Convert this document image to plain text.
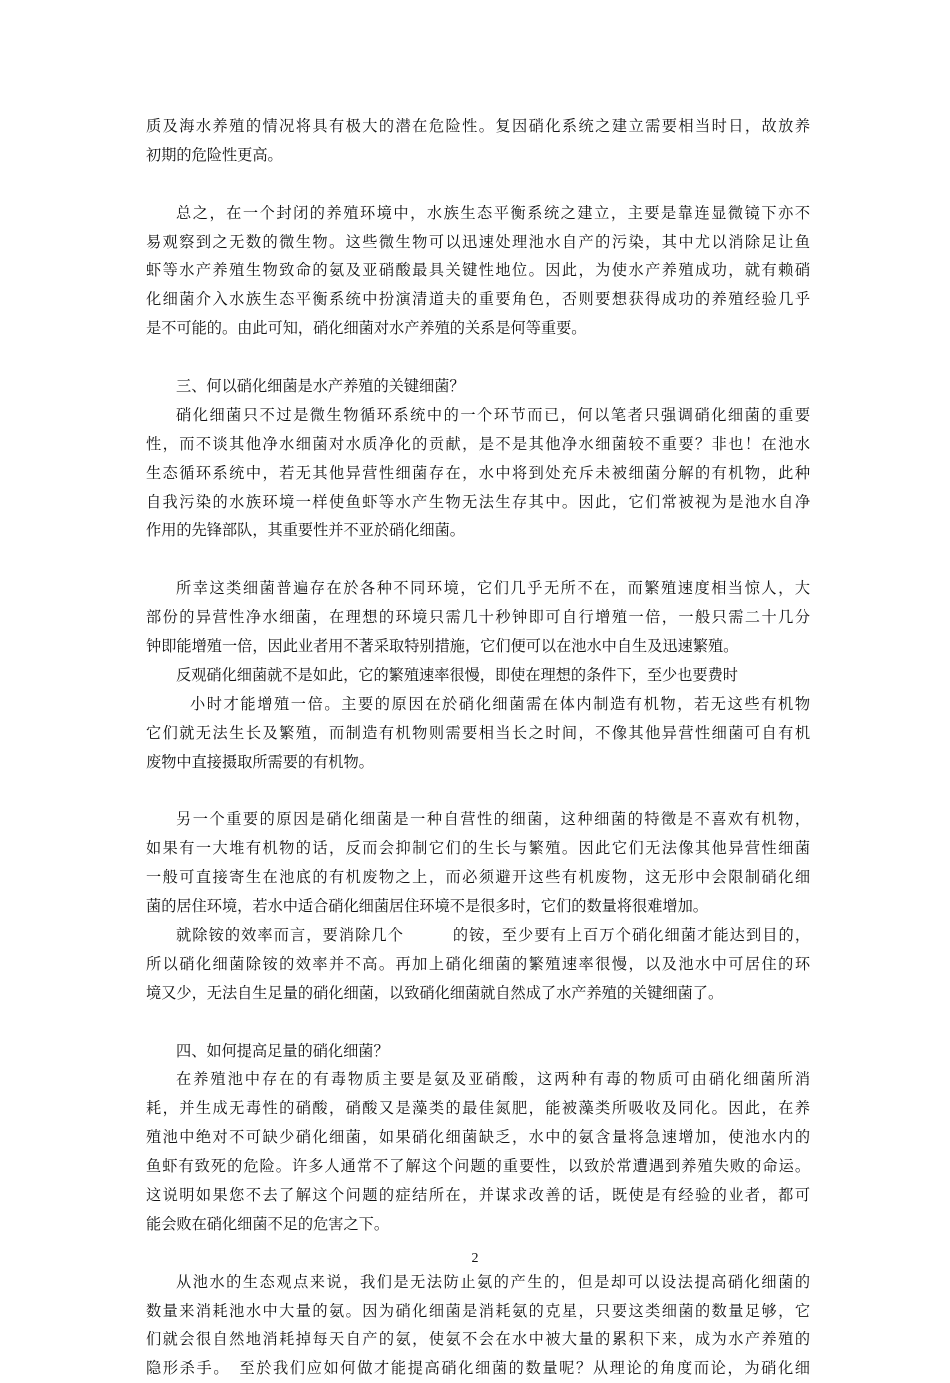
质及海水养殖的情况将具有极大的潜在危险性。复因硝化系统之建立需要相当时日，故放养
初期的危险性更高。
总之，在一个封闭的养殖环境中，水族生态平衡系统之建立，主要是靠连显微镜下亦不
易观察到之无数的微生物。这些微生物可以迅速处理池水自产的污染，其中尤以消除足让鱼
虾等水产养殖生物致命的氨及亚硝酸最具关键性地位。因此，为使水产养殖成功，就有赖硝
化细菌介入水族生态平衡系统中扮演清道夫的重要角色，否则要想获得成功的养殖经验几乎
是不可能的。由此可知，硝化细菌对水产养殖的关系是何等重要。
三、何以硝化细菌是水产养殖的关键细菌？
硝化细菌只不过是微生物循环系统中的一个环节而已，何以笔者只强调硝化细菌的重要
性，而不谈其他净水细菌对水质净化的贡献，是不是其他净水细菌较不重要？非也！在池水
生态循环系统中，若无其他异营性细菌存在，水中将到处充斥未被细菌分解的有机物，此种
自我污染的水族环境一样使鱼虾等水产生物无法生存其中。因此，它们常被视为是池水自净
作用的先锋部队，其重要性并不亚於硝化细菌。
所幸这类细菌普遍存在於各种不同环境，它们几乎无所不在，而繁殖速度相当惊人，大
部份的异营性净水细菌，在理想的环境只需几十秒钟即可自行增殖一倍，一般只需二十几分
钟即能增殖一倍，因此业者用不著采取特别措施，它们便可以在池水中自生及迅速繁殖。
反观硝化细菌就不是如此，它的繁殖速率很慢，即使在理想的条件下，至少也要费时
小时才能增殖一倍。主要的原因在於硝化细菌需在体内制造有机物，若无这些有机物
它们就无法生长及繁殖，而制造有机物则需要相当长之时间，不像其他异营性细菌可自有机
废物中直接摄取所需要的有机物。
另一个重要的原因是硝化细菌是一种自营性的细菌，这种细菌的特徵是不喜欢有机物，
如果有一大堆有机物的话，反而会抑制它们的生长与繁殖。因此它们无法像其他异营性细菌
一般可直接寄生在池底的有机废物之上，而必须避开这些有机废物，这无形中会限制硝化细
菌的居住环境，若水中适合硝化细菌居住环境不是很多时，它们的数量将很难增加。
就除铵的效率而言，要消除几个　　　的铵，至少要有上百万个硝化细菌才能达到目的，
所以硝化细菌除铵的效率并不高。再加上硝化细菌的繁殖速率很慢，以及池水中可居住的环
境又少，无法自生足量的硝化细菌，以致硝化细菌就自然成了水产养殖的关键细菌了。
四、如何提高足量的硝化细菌？
在养殖池中存在的有毒物质主要是氨及亚硝酸，这两种有毒的物质可由硝化细菌所消
耗，并生成无毒性的硝酸，硝酸又是藻类的最佳氮肥，能被藻类所吸收及同化。因此，在养
殖池中绝对不可缺少硝化细菌，如果硝化细菌缺乏，水中的氨含量将急速增加，使池水内的
鱼虾有致死的危险。许多人通常不了解这个问题的重要性，以致於常遭遇到养殖失败的命运。
这说明如果您不去了解这个问题的症结所在，并谋求改善的话，既使是有经验的业者，都可
能会败在硝化细菌不足的危害之下。
从池水的生态观点来说，我们是无法防止氨的产生的，但是却可以设法提高硝化细菌的
数量来消耗池水中大量的氨。因为硝化细菌是消耗氨的克星，只要这类细菌的数量足够，它
们就会很自然地消耗掉每天自产的氨，使氨不会在水中被大量的累积下来，成为水产养殖的
隐形杀手。　至於我们应如何做才能提高硝化细菌的数量呢？从理论的角度而论，为硝化细
2
